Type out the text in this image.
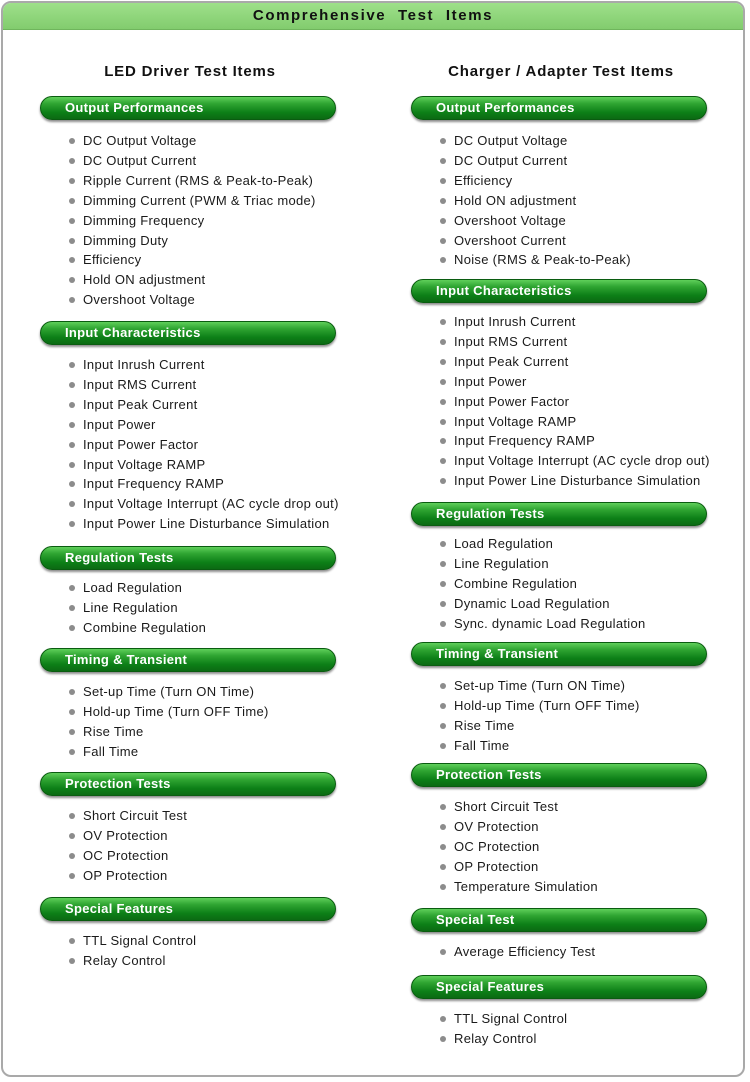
Comprehensive Test Items
LED Driver Test Items
Output Performances
DC Output Voltage
DC Output Current
Ripple Current (RMS & Peak-to-Peak)
Dimming Current (PWM & Triac mode)
Dimming Frequency
Dimming Duty
Efficiency
Hold ON adjustment
Overshoot Voltage
Input Characteristics
Input Inrush Current
Input RMS Current
Input Peak Current
Input Power
Input Power Factor
Input Voltage RAMP
Input Frequency RAMP
Input Voltage Interrupt (AC cycle drop out)
Input Power Line Disturbance Simulation
Regulation Tests
Load Regulation
Line Regulation
Combine Regulation
Timing & Transient
Set-up Time (Turn ON Time)
Hold-up Time (Turn OFF Time)
Rise Time
Fall Time
Protection Tests
Short Circuit Test
OV Protection
OC Protection
OP Protection
Special Features
TTL Signal Control
Relay Control
Charger / Adapter Test Items
Output Performances
DC Output Voltage
DC Output Current
Efficiency
Hold ON adjustment
Overshoot Voltage
Overshoot Current
Noise (RMS & Peak-to-Peak)
Input Characteristics
Input Inrush Current
Input RMS Current
Input Peak Current
Input Power
Input Power Factor
Input Voltage RAMP
Input Frequency RAMP
Input Voltage Interrupt (AC cycle drop out)
Input Power Line Disturbance Simulation
Regulation Tests
Load Regulation
Line Regulation
Combine Regulation
Dynamic Load Regulation
Sync. dynamic Load Regulation
Timing & Transient
Set-up Time (Turn ON Time)
Hold-up Time (Turn OFF Time)
Rise Time
Fall Time
Protection Tests
Short Circuit Test
OV Protection
OC Protection
OP Protection
Temperature Simulation
Special Test
Average Efficiency Test
Special Features
TTL Signal Control
Relay Control
